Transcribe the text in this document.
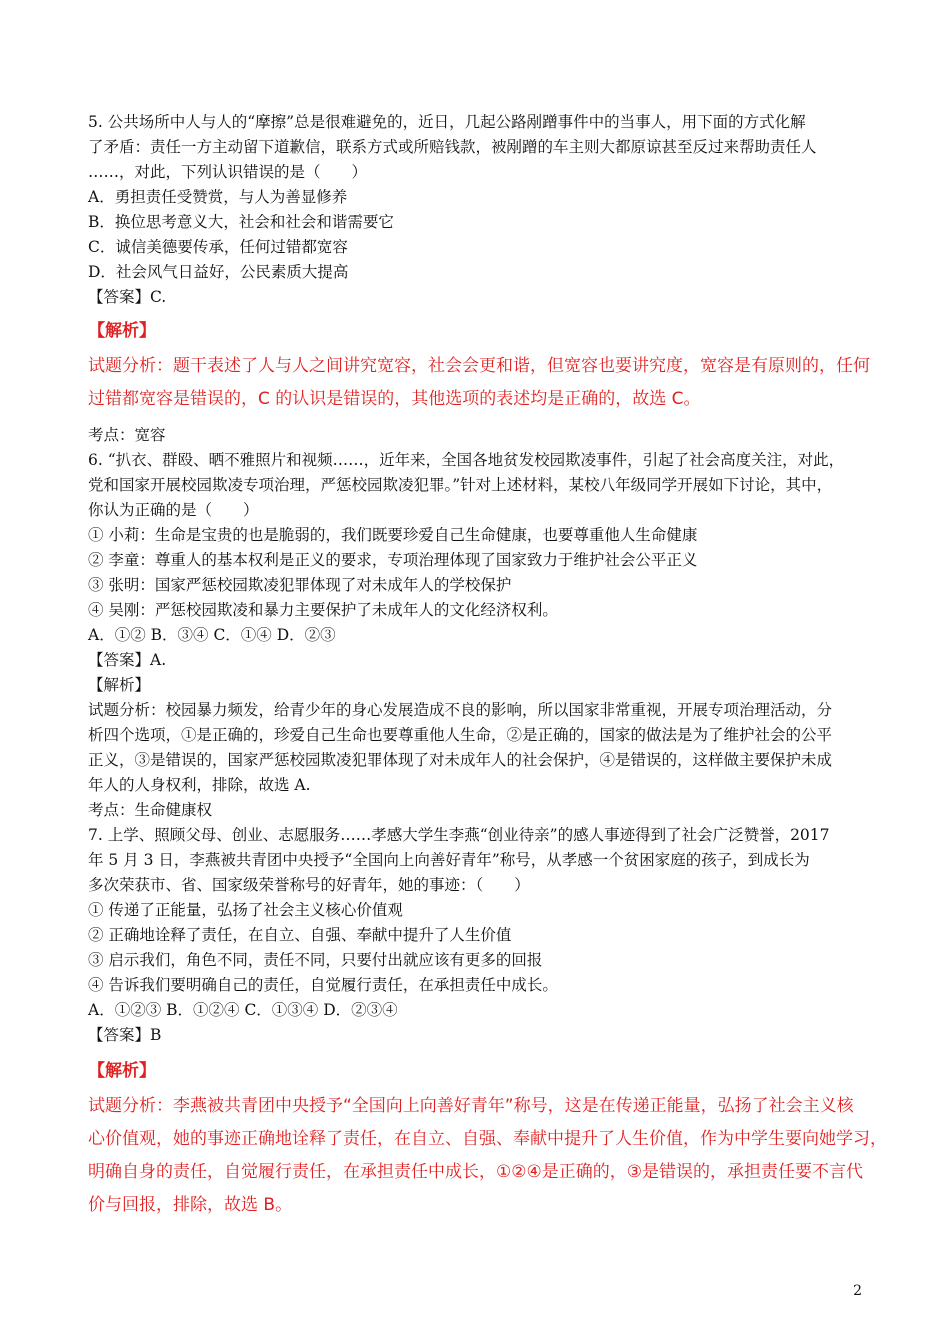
5. 公共场所中人与人的“摩擦”总是很难避免的，近日，几起公路剐蹭事件中的当事人，用下面的方式化解
了矛盾：责任一方主动留下道歉信，联系方式或所赔钱款，被剐蹭的车主则大都原谅甚至反过来帮助责任人
……，对此，下列认识错误的是（　　）
A．勇担责任受赞赏，与人为善显修养
B．换位思考意义大，社会和社会和谐需要它
C．诚信美德要传承，任何过错都宽容
D．社会风气日益好，公民素质大提高
【答案】C.
【解析】
试题分析：题干表述了人与人之间讲究宽容，社会会更和谐，但宽容也要讲究度，宽容是有原则的，任何
过错都宽容是错误的，C 的认识是错误的，其他选项的表述均是正确的，故选 C。
考点：宽容
6. “扒衣、群殴、晒不雅照片和视频……，近年来，全国各地贫发校园欺凌事件，引起了社会高度关注，对此，
党和国家开展校园欺凌专项治理，严惩校园欺凌犯罪。”针对上述材料，某校八年级同学开展如下讨论，其中，
你认为正确的是（　　）
① 小莉：生命是宝贵的也是脆弱的，我们既要珍爱自己生命健康，也要尊重他人生命健康
② 李童：尊重人的基本权利是正义的要求，专项治理体现了国家致力于维护社会公平正义
③ 张明：国家严惩校园欺凌犯罪体现了对未成年人的学校保护
④ 吴刚：严惩校园欺凌和暴力主要保护了未成年人的文化经济权利。
A．①② B．③④ C．①④ D．②③
【答案】A.
【解析】
试题分析：校园暴力频发，给青少年的身心发展造成不良的影响，所以国家非常重视，开展专项治理活动，分
析四个选项，①是正确的，珍爱自己生命也要尊重他人生命，②是正确的，国家的做法是为了维护社会的公平
正义，③是错误的，国家严惩校园欺凌犯罪体现了对未成年人的社会保护，④是错误的，这样做主要保护未成
年人的人身权利，排除，故选 A.
考点：生命健康权
7. 上学、照顾父母、创业、志愿服务……孝感大学生李燕“创业待亲”的感人事迹得到了社会广泛赞誉，2017
年 5 月 3 日，李燕被共青团中央授予“全国向上向善好青年”称号，从孝感一个贫困家庭的孩子，到成长为
多次荣获市、省、国家级荣誉称号的好青年，她的事迹：（　　）
① 传递了正能量，弘扬了社会主义核心价值观
② 正确地诠释了责任，在自立、自强、奉献中提升了人生价值
③ 启示我们，角色不同，责任不同，只要付出就应该有更多的回报
④ 告诉我们要明确自己的责任，自觉履行责任，在承担责任中成长。
A．①②③ B．①②④ C．①③④ D．②③④
【答案】B
【解析】
试题分析：李燕被共青团中央授予“全国向上向善好青年”称号，这是在传递正能量，弘扬了社会主义核
心价值观，她的事迹正确地诠释了责任，在自立、自强、奉献中提升了人生价值，作为中学生要向她学习，
明确自身的责任，自觉履行责任，在承担责任中成长，①②④是正确的，③是错误的，承担责任要不言代
价与回报，排除，故选 B。
2
